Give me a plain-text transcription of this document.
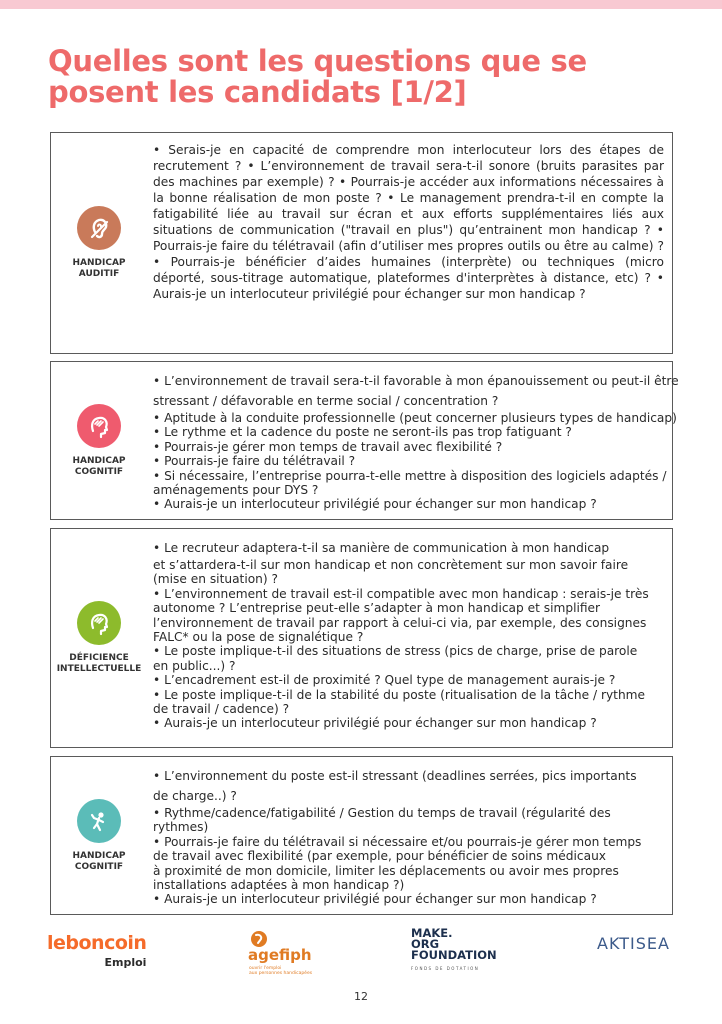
Quelles sont les questions que se posent les candidats [1/2]
HANDICAP
AUDITIF
• Serais-je en capacité de comprendre mon interlocuteur lors des étapes de recrutement ? • L’environnement de travail sera-t-il sonore (bruits parasites par des machines par exemple) ? • Pourrais-je accéder aux informations nécessaires à la bonne réalisation de mon poste ? • Le management prendra-t-il en compte la fatigabilité liée au travail sur écran et aux efforts supplémentaires liés aux situations de communication ("travail en plus") qu’entrainent mon handicap ? • Pourrais-je faire du télétravail (afin d’utiliser mes propres outils ou être au calme) ? • Pourrais-je bénéficier d’aides humaines (interprète) ou techniques (micro déporté, sous-titrage automatique, plateformes d'interprètes à distance, etc) ? • Aurais-je un interlocuteur privilégié pour échanger sur mon handicap ?
HANDICAP
COGNITIF
• L’environnement de travail sera-t-il favorable à mon épanouissement ou peut-il être
stressant / défavorable en terme social / concentration ?
• Aptitude à la conduite professionnelle (peut concerner plusieurs types de handicap)
• Le rythme et la cadence du poste ne seront-ils pas trop fatiguant ?
• Pourrais-je gérer mon temps de travail avec flexibilité ?
• Pourrais-je faire du télétravail ?
• Si nécessaire, l’entreprise pourra-t-elle mettre à disposition des logiciels adaptés /
aménagements pour DYS ?
• Aurais-je un interlocuteur privilégié pour échanger sur mon handicap ?
DÉFICIENCE
INTELLECTUELLE
• Le recruteur adaptera-t-il sa manière de communication à mon handicap
et s’attardera-t-il sur mon handicap et non concrètement sur mon savoir faire
(mise en situation) ?
• L’environnement de travail est-il compatible avec mon handicap : serais-je très
autonome ? L’entreprise peut-elle s’adapter à mon handicap et simplifier
l’environnement de travail par rapport à celui-ci via, par exemple, des consignes
FALC* ou la pose de signalétique ?
• Le poste implique-t-il des situations de stress (pics de charge, prise de parole
en public...) ?
• L’encadrement est-il de proximité ? Quel type de management aurais-je ?
• Le poste implique-t-il de la stabilité du poste (ritualisation de la tâche / rythme
de travail / cadence) ?
• Aurais-je un interlocuteur privilégié pour échanger sur mon handicap ?
HANDICAP
COGNITIF
• L’environnement du poste est-il stressant (deadlines serrées, pics importants
de charge..) ?
• Rythme/cadence/fatigabilité / Gestion du temps de travail (régularité des
rythmes)
• Pourrais-je faire du télétravail si nécessaire et/ou pourrais-je gérer mon temps
de travail avec flexibilité (par exemple, pour bénéficier de soins médicaux
à proximité de mon domicile, limiter les déplacements ou avoir mes propres
installations adaptées à mon handicap ?)
• Aurais-je un interlocuteur privilégié pour échanger sur mon handicap ?
leboncoin
Emploi	agefiph
ouvrir l'emploi
aux personnes handicapées
MAKE.
ORG
FOUNDATION
FONDS DE DOTATION
AKTISEA
12
